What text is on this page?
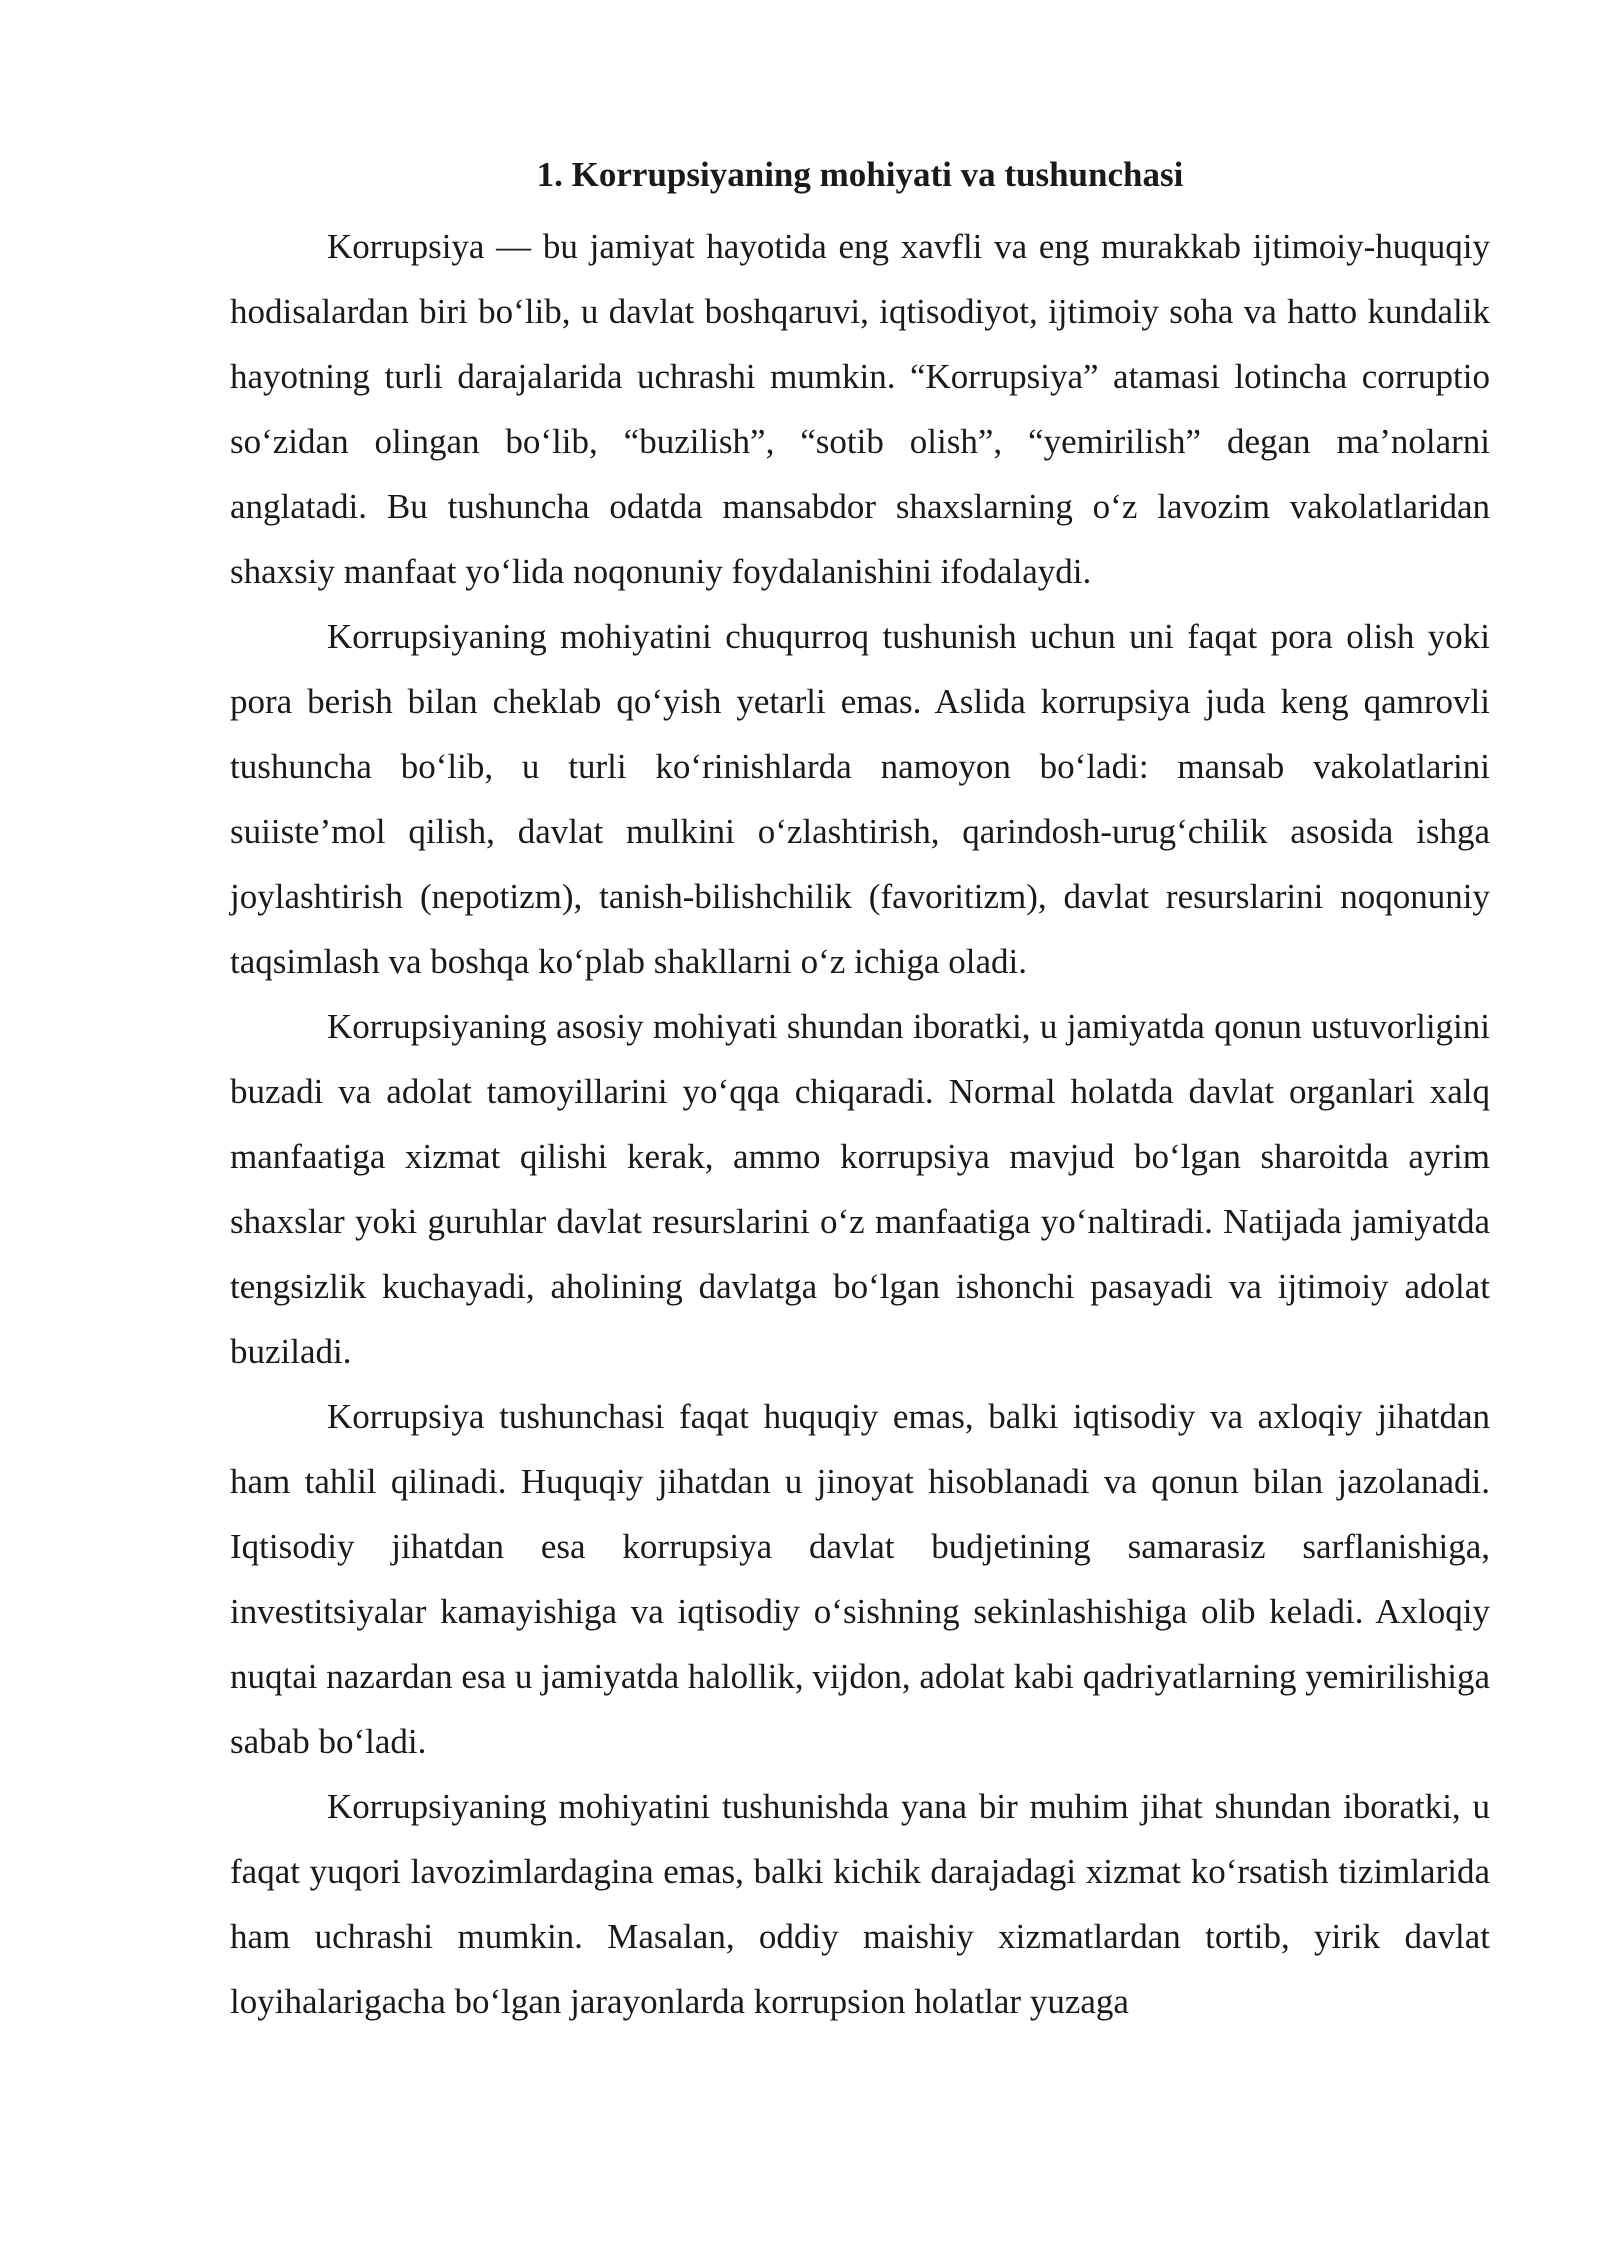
1. Korrupsiyaning mohiyati va tushunchasi

Korrupsiya — bu jamiyat hayotida eng xavfli va eng murakkab ijtimoiy-huquqiy hodisalardan biri bo‘lib, u davlat boshqaruvi, iqtisodiyot, ijtimoiy soha va hatto kundalik hayotning turli darajalarida uchrashi mumkin. “Korrupsiya” atamasi lotincha corruptio so‘zidan olingan bo‘lib, “buzilish”, “sotib olish”, “yemirilish” degan ma’nolarni anglatadi. Bu tushuncha odatda mansabdor shaxslarning o‘z lavozim vakolatlaridan shaxsiy manfaat yo‘lida noqonuniy foydalanishini ifodalaydi.

Korrupsiyaning mohiyatini chuqurroq tushunish uchun uni faqat pora olish yoki pora berish bilan cheklab qo‘yish yetarli emas. Aslida korrupsiya juda keng qamrovli tushuncha bo‘lib, u turli ko‘rinishlarda namoyon bo‘ladi: mansab vakolatlarini suiiste’mol qilish, davlat mulkini o‘zlashtirish, qarindosh-urug‘chilik asosida ishga joylashtirish (nepotizm), tanish-bilishchilik (favoritizm), davlat resurslarini noqonuniy taqsimlash va boshqa ko‘plab shakllarni o‘z ichiga oladi.

Korrupsiyaning asosiy mohiyati shundan iboratki, u jamiyatda qonun ustuvorligini buzadi va adolat tamoyillarini yo‘qqa chiqaradi. Normal holatda davlat organlari xalq manfaatiga xizmat qilishi kerak, ammo korrupsiya mavjud bo‘lgan sharoitda ayrim shaxslar yoki guruhlar davlat resurslarini o‘z manfaatiga yo‘naltiradi. Natijada jamiyatda tengsizlik kuchayadi, aholining davlatga bo‘lgan ishonchi pasayadi va ijtimoiy adolat buziladi.

Korrupsiya tushunchasi faqat huquqiy emas, balki iqtisodiy va axloqiy jihatdan ham tahlil qilinadi. Huquqiy jihatdan u jinoyat hisoblanadi va qonun bilan jazolanadi. Iqtisodiy jihatdan esa korrupsiya davlat budjetining samarasiz sarflanishiga, investitsiyalar kamayishiga va iqtisodiy o‘sishning sekinlashishiga olib keladi. Axloqiy nuqtai nazardan esa u jamiyatda halollik, vijdon, adolat kabi qadriyatlarning yemirilishiga sabab bo‘ladi.

Korrupsiyaning mohiyatini tushunishda yana bir muhim jihat shundan iboratki, u faqat yuqori lavozimlardagina emas, balki kichik darajadagi xizmat ko‘rsatish tizimlarida ham uchrashi mumkin. Masalan, oddiy maishiy xizmatlardan tortib, yirik davlat loyihalarigacha bo‘lgan jarayonlarda korrupsion holatlar yuzaga
